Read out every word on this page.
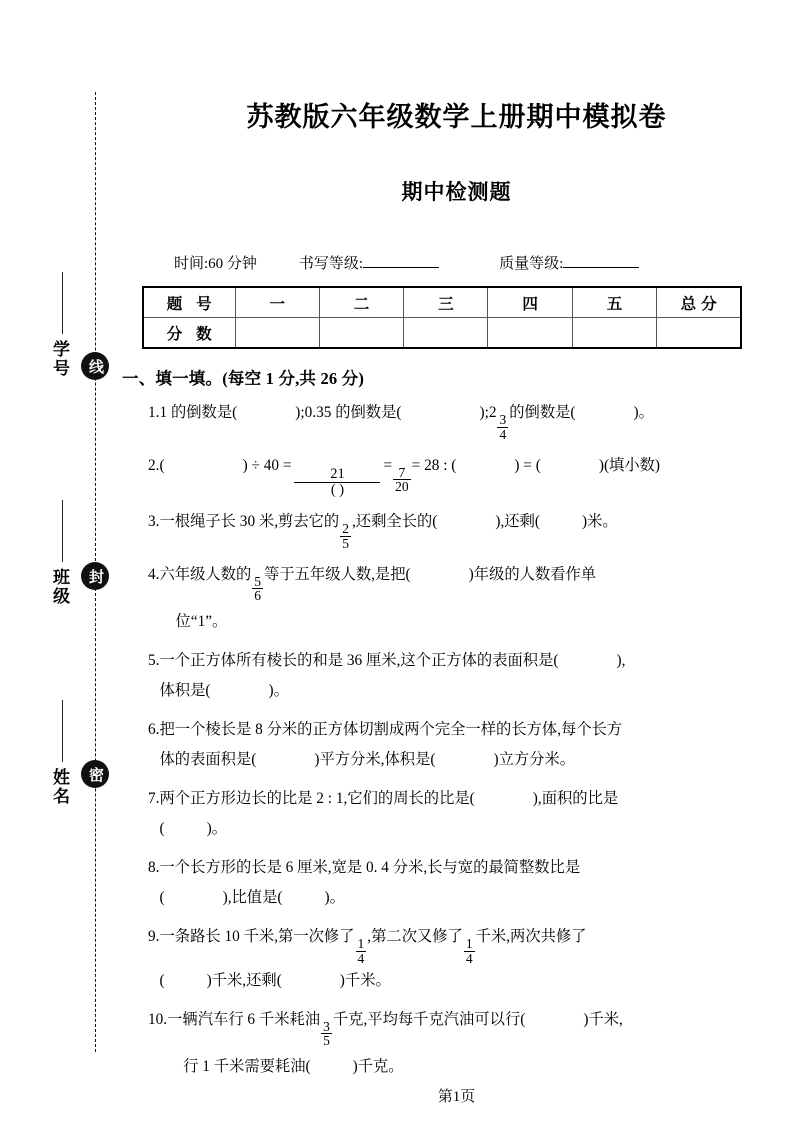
线
封
密
学号
班级
姓名
苏教版六年级数学上册期中模拟卷
期中检测题
时间:60 分钟	书写等级:	质量等级:
题 号	一	二	三	四	五	总分
分 数						
一、填一填。(每空 1 分,共 26 分)
1. 1 的倒数是(	);0.35 的倒数是(	);2
$\frac{3}{4}$
的倒数是(	)。

2. (	) ÷ 40 =	21
( )
=
$\frac{7}{20}$
= 28 : (	) = (	)(填小数)

3. 一根绳子长 30 米,剪去它的
$\frac{2}{5}$
,还剩全长的(	),还剩(	)米。

4. 六年级人数的
$\frac{5}{6}$
等于五年级人数,是把(	)年级的人数看作单

位“1”。

5. 一个正方体所有棱长的和是 36 厘米,这个正方体的表面积是(	),

体积是(	)。

6. 把一个棱长是 8 分米的正方体切割成两个完全一样的长方体,每个长方

体的表面积是(	)平方分米,体积是(	)立方分米。

7. 两个正方形边长的比是 2 : 1,它们的周长的比是(	),面积的比是

(	)。

8. 一个长方形的长是 6 厘米,宽是 0. 4 分米,长与宽的最简整数比是

(	),比值是(	)。

9. 一条路长 10 千米,第一次修了
$\frac{1}{4}$
,第二次又修了
$\frac{1}{4}$
千米,两次共修了

(	)千米,还剩(	)千米。

10. 一辆汽车行 6 千米耗油
$\frac{3}{5}$
千克,平均每千克汽油可以行(	)千米,

行 1 千米需要耗油(	)千克。

第1页
